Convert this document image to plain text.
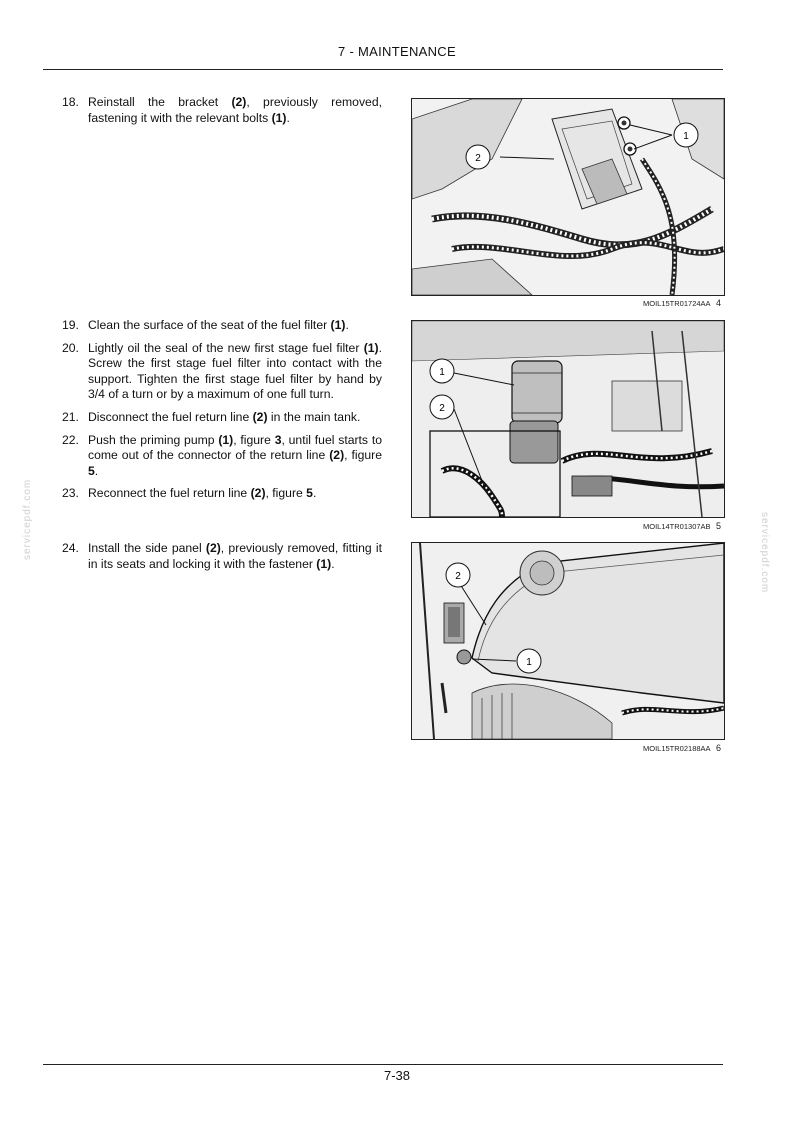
7 - MAINTENANCE
servicepdf.com	servicepdf.com
18. Reinstall the bracket (2), previously removed, fastening it with the relevant bolts (1).
19. Clean the surface of the seat of the fuel filter (1).
20. Lightly oil the seal of the new first stage fuel filter (1). Screw the first stage fuel filter into contact with the support. Tighten the first stage fuel filter by hand by 3/4 of a turn or by a maximum of one full turn.
21. Disconnect the fuel return line (2) in the main tank.
22. Push the priming pump (1), figure 3, until fuel starts to come out of the connector of the return line (2), figure 5.
23. Reconnect the fuel return line (2), figure 5.
24. Install the side panel (2), previously removed, fitting it in its seats and locking it with the fastener (1).
1
2
MOIL15TR01724AA 4
1
2
MOIL14TR01307AB 5
2
1
MOIL15TR02188AA 6
7-38
